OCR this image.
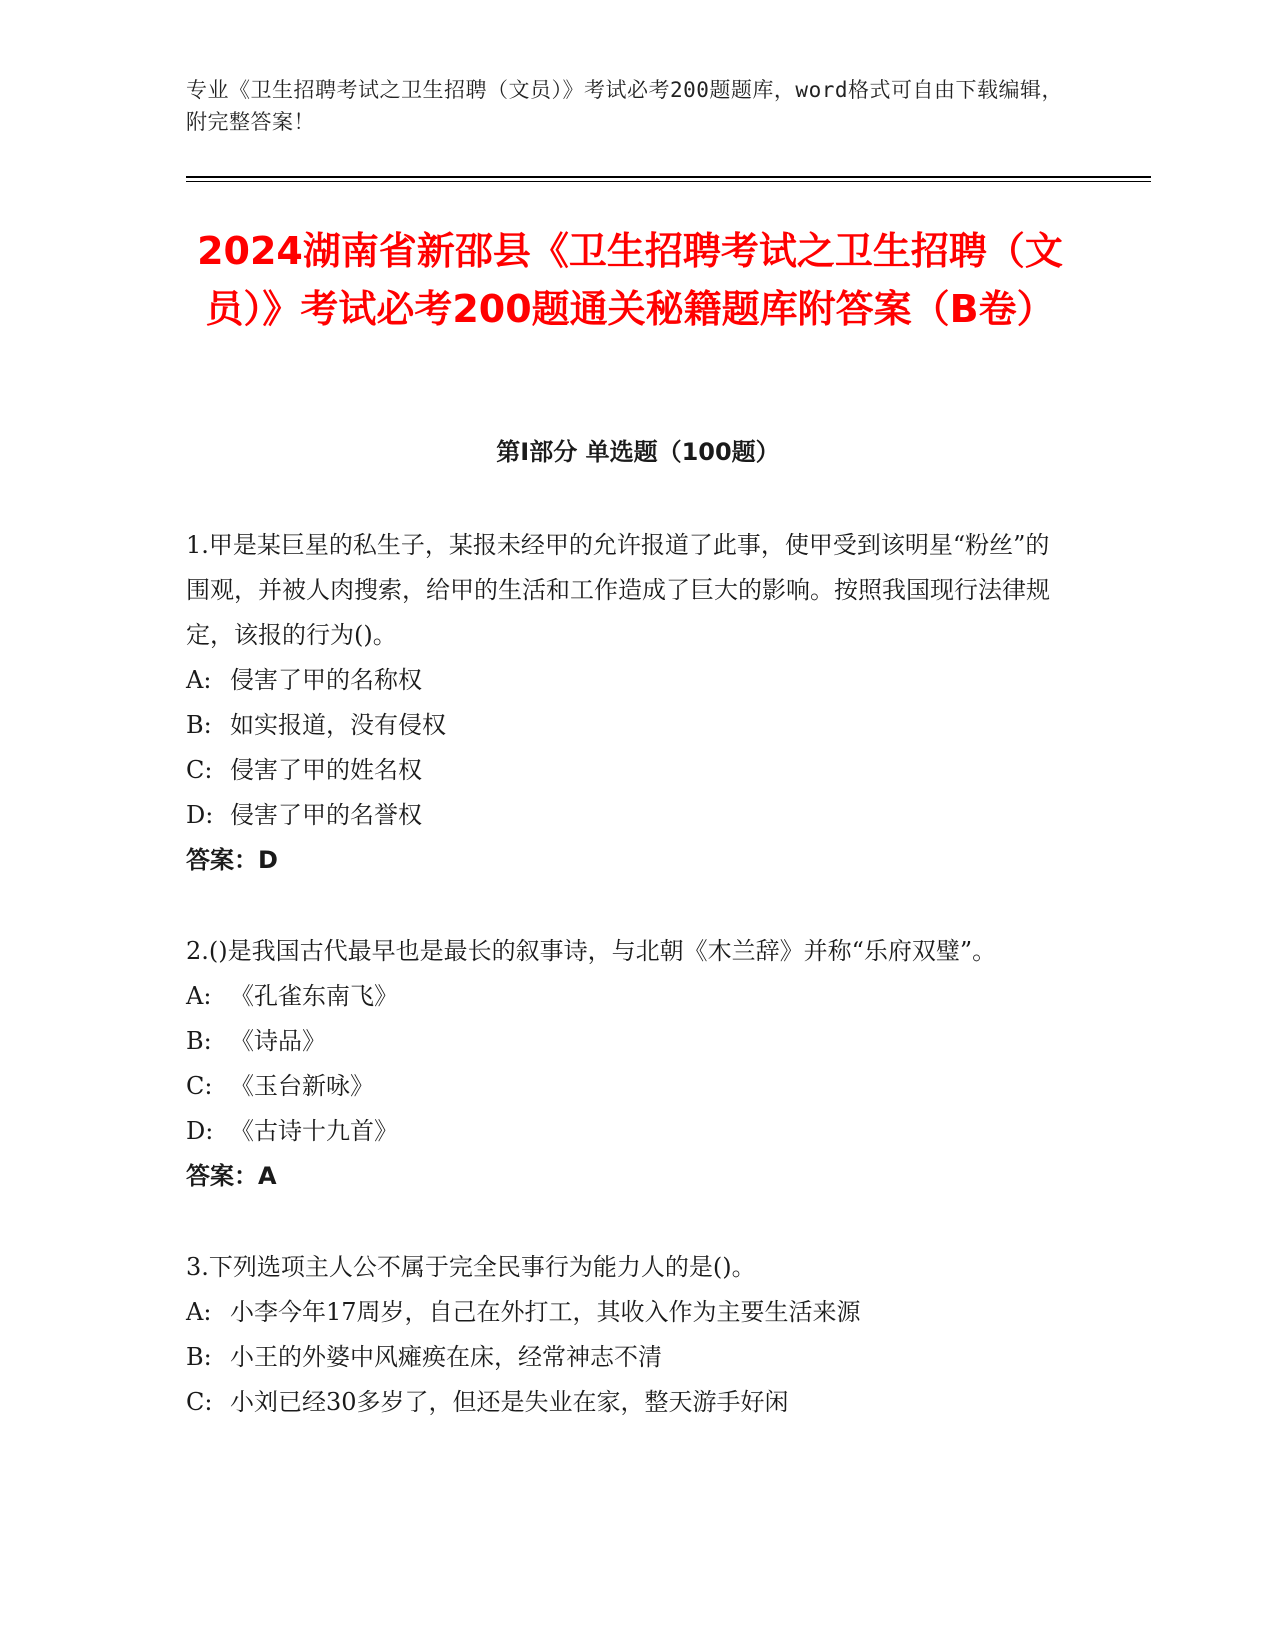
专业《卫生招聘考试之卫生招聘（文员）》考试必考200题题库，word格式可自由下载编辑，附完整答案！
2024湖南省新邵县《卫生招聘考试之卫生招聘（文员）》考试必考200题通关秘籍题库附答案（B卷）
第Ⅰ部分 单选题（100题）

1.甲是某巨星的私生子，某报未经甲的允许报道了此事，使甲受到该明星“粉丝”的围观，并被人肉搜索，给甲的生活和工作造成了巨大的影响。按照我国现行法律规定，该报的行为()。

A: 侵害了甲的名称权

B: 如实报道，没有侵权

C: 侵害了甲的姓名权

D: 侵害了甲的名誉权

答案：D

2.()是我国古代最早也是最长的叙事诗，与北朝《木兰辞》并称“乐府双璧”。

A: 《孔雀东南飞》

B: 《诗品》

C: 《玉台新咏》

D: 《古诗十九首》

答案：A

3.下列选项主人公不属于完全民事行为能力人的是()。

A: 小李今年17周岁，自己在外打工，其收入作为主要生活来源

B: 小王的外婆中风瘫痪在床，经常神志不清

C: 小刘已经30多岁了，但还是失业在家，整天游手好闲
